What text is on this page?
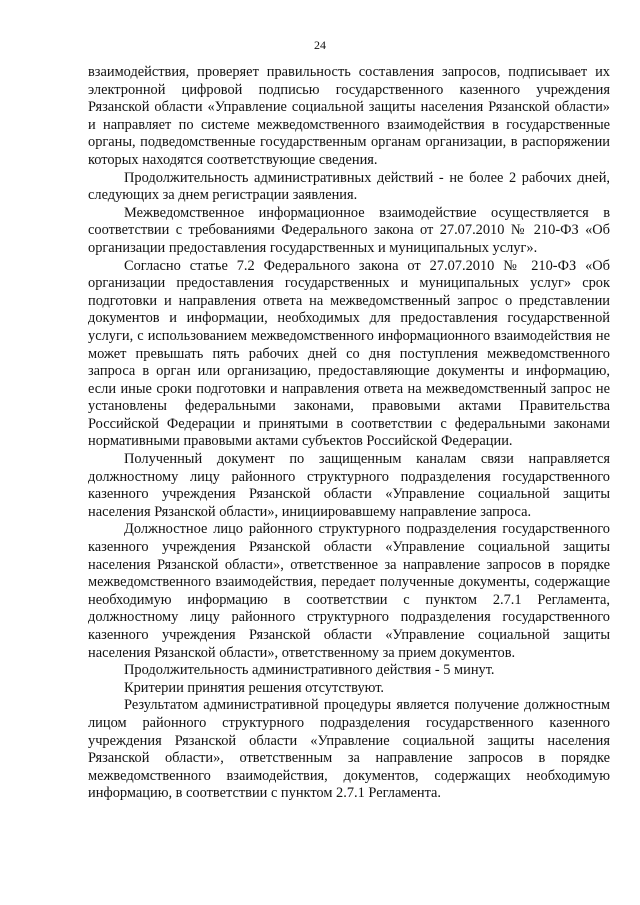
24

взаимодействия, проверяет правильность составления запросов, подписывает их электронной цифровой подписью государственного казенного учреждения Рязанской области «Управление социальной защиты населения Рязанской области» и направляет по системе межведомственного взаимодействия в государственные органы, подведомственные государственным органам организации, в распоряжении которых находятся соответствующие сведения.

Продолжительность административных действий - не более 2 рабочих дней, следующих за днем регистрации заявления.

Межведомственное информационное взаимодействие осуществляется в соответствии с требованиями Федерального закона от 27.07.2010 № 210-ФЗ «Об организации предоставления государственных и муниципальных услуг».

Согласно статье 7.2 Федерального закона от 27.07.2010 № 210-ФЗ «Об организации предоставления государственных и муниципальных услуг» срок подготовки и направления ответа на межведомственный запрос о представлении документов и информации, необходимых для предоставления государственной услуги, с использованием межведомственного информационного взаимодействия не может превышать пять рабочих дней со дня поступления межведомственного запроса в орган или организацию, предоставляющие документы и информацию, если иные сроки подготовки и направления ответа на межведомственный запрос не установлены федеральными законами, правовыми актами Правительства Российской Федерации и принятыми в соответствии с федеральными законами нормативными правовыми актами субъектов Российской Федерации.

Полученный документ по защищенным каналам связи направляется должностному лицу районного структурного подразделения государственного казенного учреждения Рязанской области «Управление социальной защиты населения Рязанской области», инициировавшему направление запроса.

Должностное лицо районного структурного подразделения государственного казенного учреждения Рязанской области «Управление социальной защиты населения Рязанской области», ответственное за направление запросов в порядке межведомственного взаимодействия, передает полученные документы, содержащие необходимую информацию в соответствии с пунктом 2.7.1 Регламента, должностному лицу районного структурного подразделения государственного казенного учреждения Рязанской области «Управление социальной защиты населения Рязанской области», ответственному за прием документов.

Продолжительность административного действия - 5 минут.

Критерии принятия решения отсутствуют.

Результатом административной процедуры является получение должностным лицом районного структурного подразделения государственного казенного учреждения Рязанской области «Управление социальной защиты населения Рязанской области», ответственным за направление запросов в порядке межведомственного взаимодействия, документов, содержащих необходимую информацию, в соответствии с пунктом 2.7.1 Регламента.
